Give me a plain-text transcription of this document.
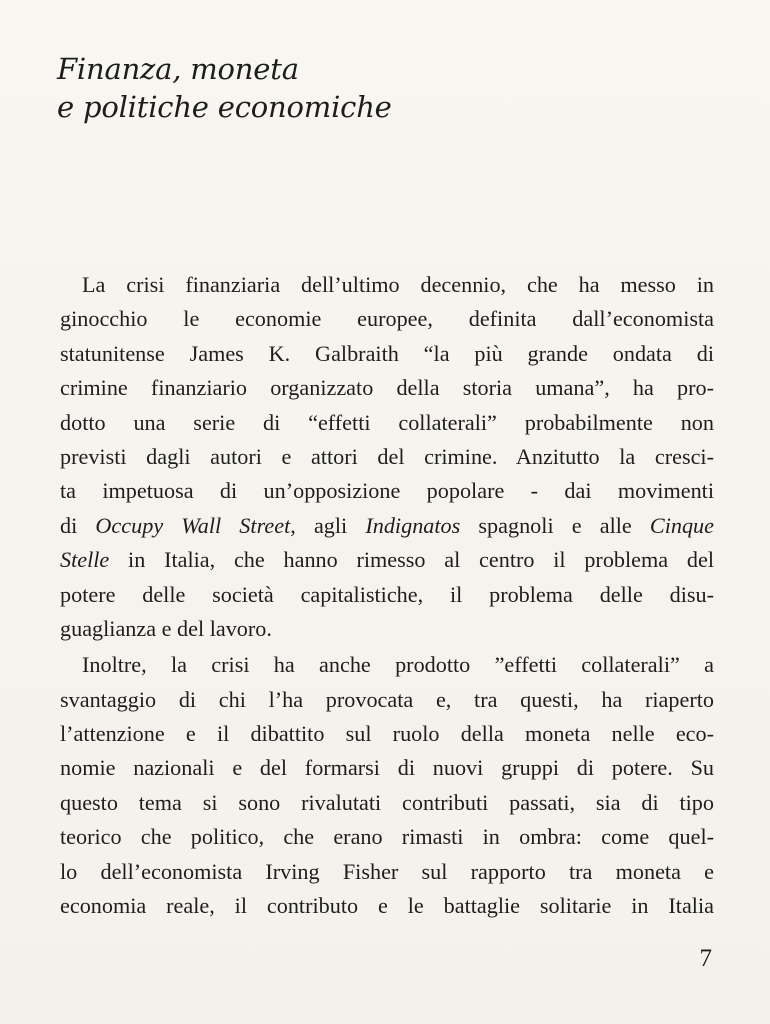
Finanza, moneta
e politiche economiche
La crisi finanziaria dell’ultimo decennio, che ha messo in
ginocchio le economie europee, definita dall’economista
statunitense James K. Galbraith “la più grande ondata di
crimine finanziario organizzato della storia umana”, ha pro-
dotto una serie di “effetti collaterali” probabilmente non
previsti dagli autori e attori del crimine. Anzitutto la cresci-
ta impetuosa di un’opposizione popolare - dai movimenti
di Occupy Wall Street, agli Indignatos spagnoli e alle Cinque
Stelle in Italia, che hanno rimesso al centro il problema del
potere delle società capitalistiche, il problema delle disu-
guaglianza e del lavoro.
Inoltre, la crisi ha anche prodotto ”effetti collaterali” a
svantaggio di chi l’ha provocata e, tra questi, ha riaperto
l’attenzione e il dibattito sul ruolo della moneta nelle eco-
nomie nazionali e del formarsi di nuovi gruppi di potere. Su
questo tema si sono rivalutati contributi passati, sia di tipo
teorico che politico, che erano rimasti in ombra: come quel-
lo dell’economista Irving Fisher sul rapporto tra moneta e
economia reale, il contributo e le battaglie solitarie in Italia
7
